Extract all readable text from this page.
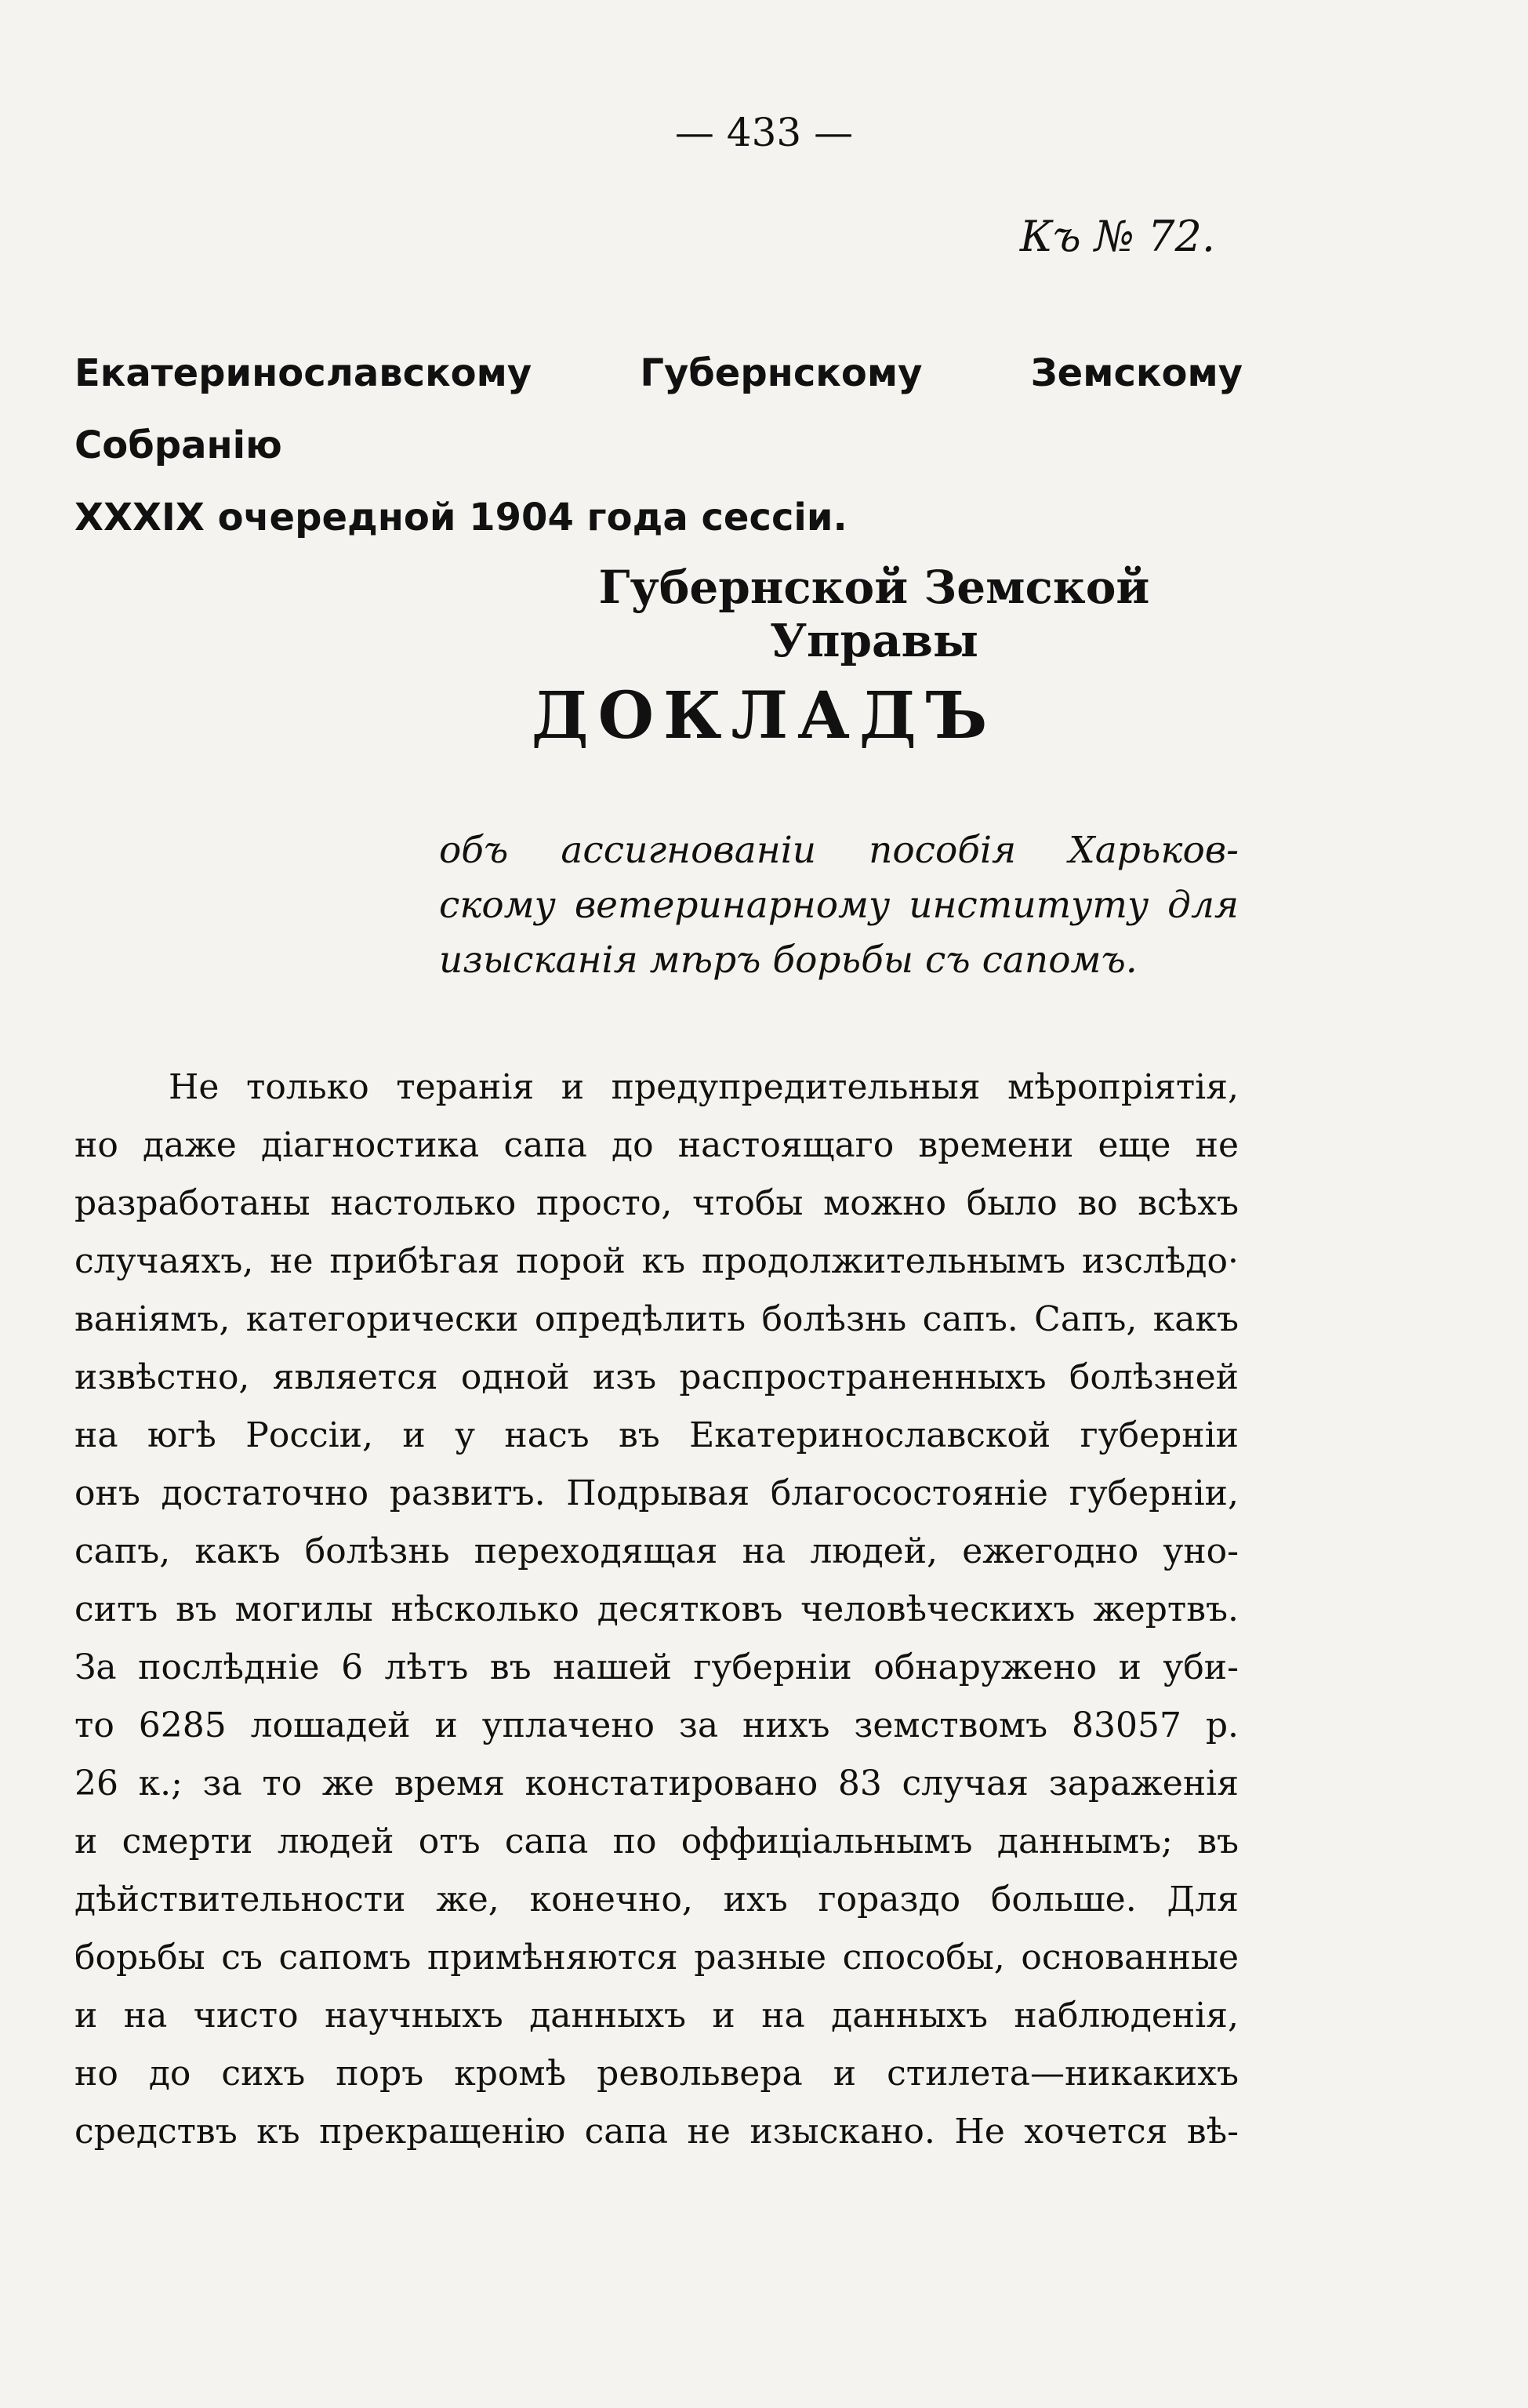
— 433 —
Къ № 72.
Екатеринославскому Губернскому Земскому Собранію
XXXIX очередной 1904 года сессіи.
Губернской Земской Управы
ДОКЛАДЪ
объ ассигнованіи пособія Харьков-
скому ветеринарному институту для
изысканія мѣръ борьбы съ сапомъ.
Не только теранія и предупредительныя мѣропріятія,
но даже діагностика сапа до настоящаго времени еще не
разработаны настолько просто, чтобы можно было во всѣхъ
случаяхъ, не прибѣгая порой къ продолжительнымъ изслѣдо·
ваніямъ, категорически опредѣлить болѣзнь сапъ. Сапъ, какъ
извѣстно, является одной изъ распространенныхъ болѣзней
на югѣ Россіи, и у насъ въ Екатеринославской губерніи
онъ достаточно развитъ. Подрывая благосостояніе губерніи,
сапъ, какъ болѣзнь переходящая на людей, ежегодно уно-
ситъ въ могилы нѣсколько десятковъ человѣческихъ жертвъ.
За послѣдніе 6 лѣтъ въ нашей губерніи обнаружено и уби-
то 6285 лошадей и уплачено за нихъ земствомъ 83057 р.
26 к.; за то же время констатировано 83 случая зараженія
и смерти людей отъ сапа по оффиціальнымъ даннымъ; въ
дѣйствительности же, конечно, ихъ гораздо больше. Для
борьбы съ сапомъ примѣняются разные способы, основанные
и на чисто научныхъ данныхъ и на данныхъ наблюденія,
но до сихъ поръ кромѣ револьвера и стилета—никакихъ
средствъ къ прекращенію сапа не изыскано. Не хочется вѣ-
